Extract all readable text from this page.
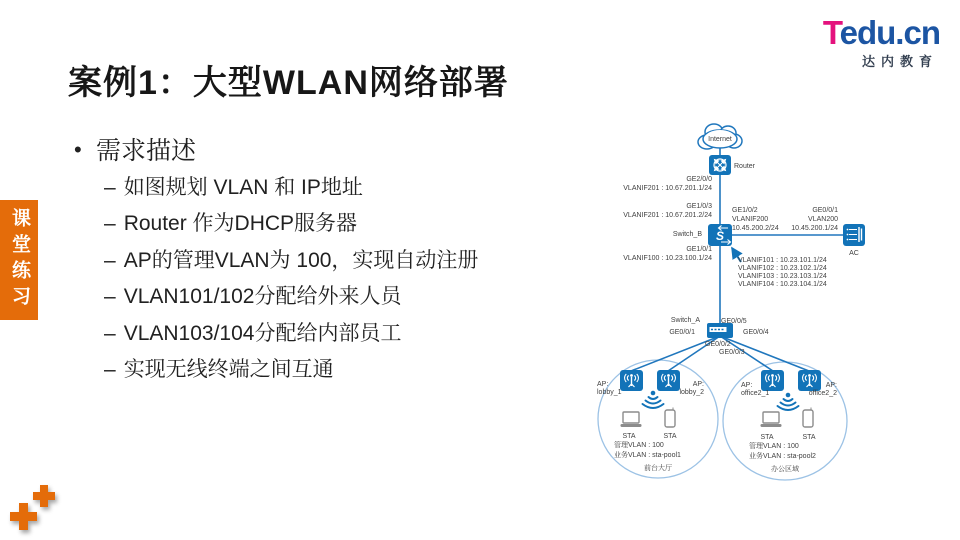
课堂练习
案例1：大型WLAN网络部署
• 需求描述
– 如图规划 VLAN 和 IP地址
– Router 作为DHCP服务器
– AP的管理VLAN为 100，实现自动注册
– VLAN101/102分配给外来人员
– VLAN103/104分配给内部员工
– 实现无线终端之间互通
Tedu.cn
达内教育
S
Internet
Router
GE2/0/0
VLANIF201 : 10.67.201.1/24
GE1/0/3
VLANIF201 : 10.67.201.2/24
Switch_B
GE1/0/1
VLANIF100 : 10.23.100.1/24
GE1/0/2
VLANIF200
10.45.200.2/24
GE0/0/1
VLAN200
10.45.200.1/24
AC
VLANIF101 : 10.23.101.1/24
VLANIF102 : 10.23.102.1/24
VLANIF103 : 10.23.103.1/24
VLANIF104 : 10.23.104.1/24
Switch_A
GE0/0/1
GE0/0/5
GE0/0/4
GE0/0/2
GE0/0/3
AP:
lobby_1
AP:
lobby_2
STA	STA
管理VLAN : 100
业务VLAN : sta-pool1
前台大厅
AP:
office2_1
AP:
office2_2
STA	STA
管理VLAN : 100
业务VLAN : sta-pool2
办公区域
